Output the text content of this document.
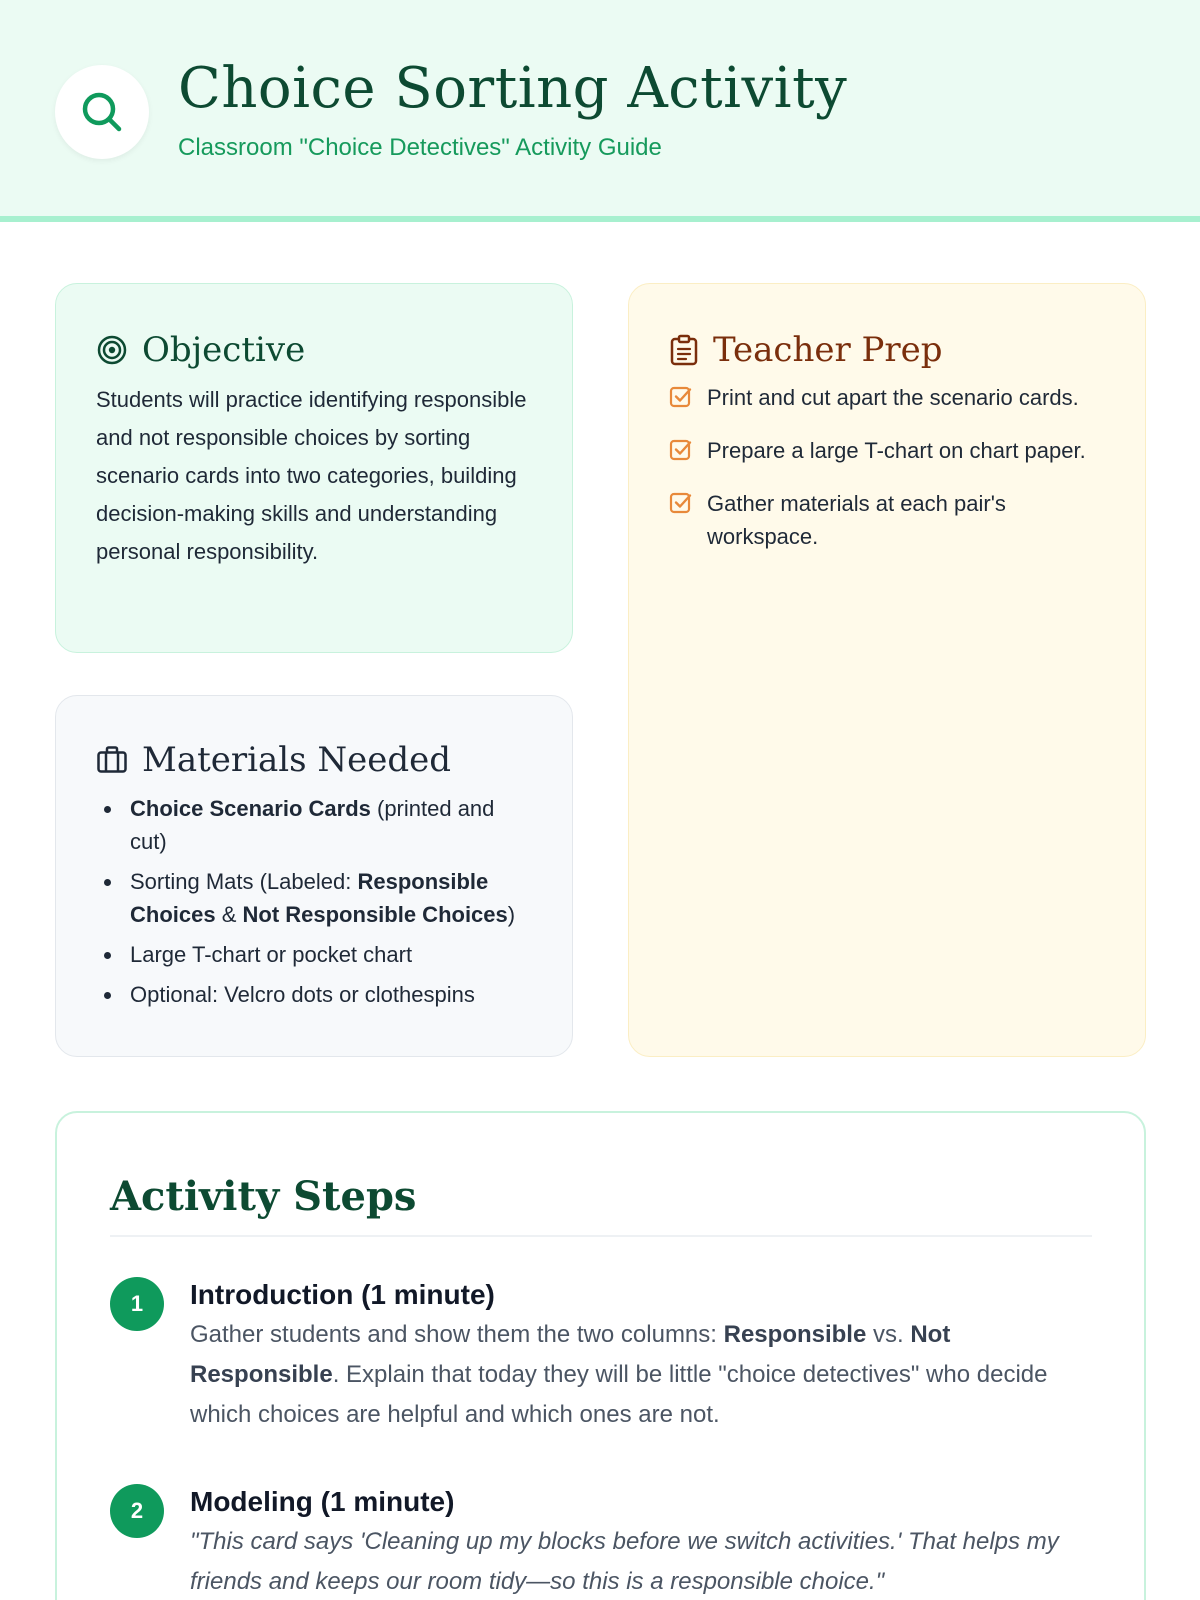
Choice Sorting Activity
Classroom "Choice Detectives" Activity Guide
Objective

Students will practice identifying responsible and not responsible choices by sorting scenario cards into two categories, building decision-making skills and understanding personal responsibility.

Materials Needed
Choice Scenario Cards (printed and cut)
Sorting Mats (Labeled: Responsible Choices & Not Responsible Choices)
Large T-chart or pocket chart
Optional: Velcro dots or clothespins
Teacher Prep
Print and cut apart the scenario cards.
Prepare a large T-chart on chart paper.
Gather materials at each pair's workspace.
Activity Steps
1	Introduction (1 minute)

Gather students and show them the two columns: Responsible vs. Not Responsible. Explain that today they will be little "choice detectives" who decide which choices are helpful and which ones are not.

2	Modeling (1 minute)

"This card says 'Cleaning up my blocks before we switch activities.' That helps my friends and keeps our room tidy—so this is a responsible choice."
